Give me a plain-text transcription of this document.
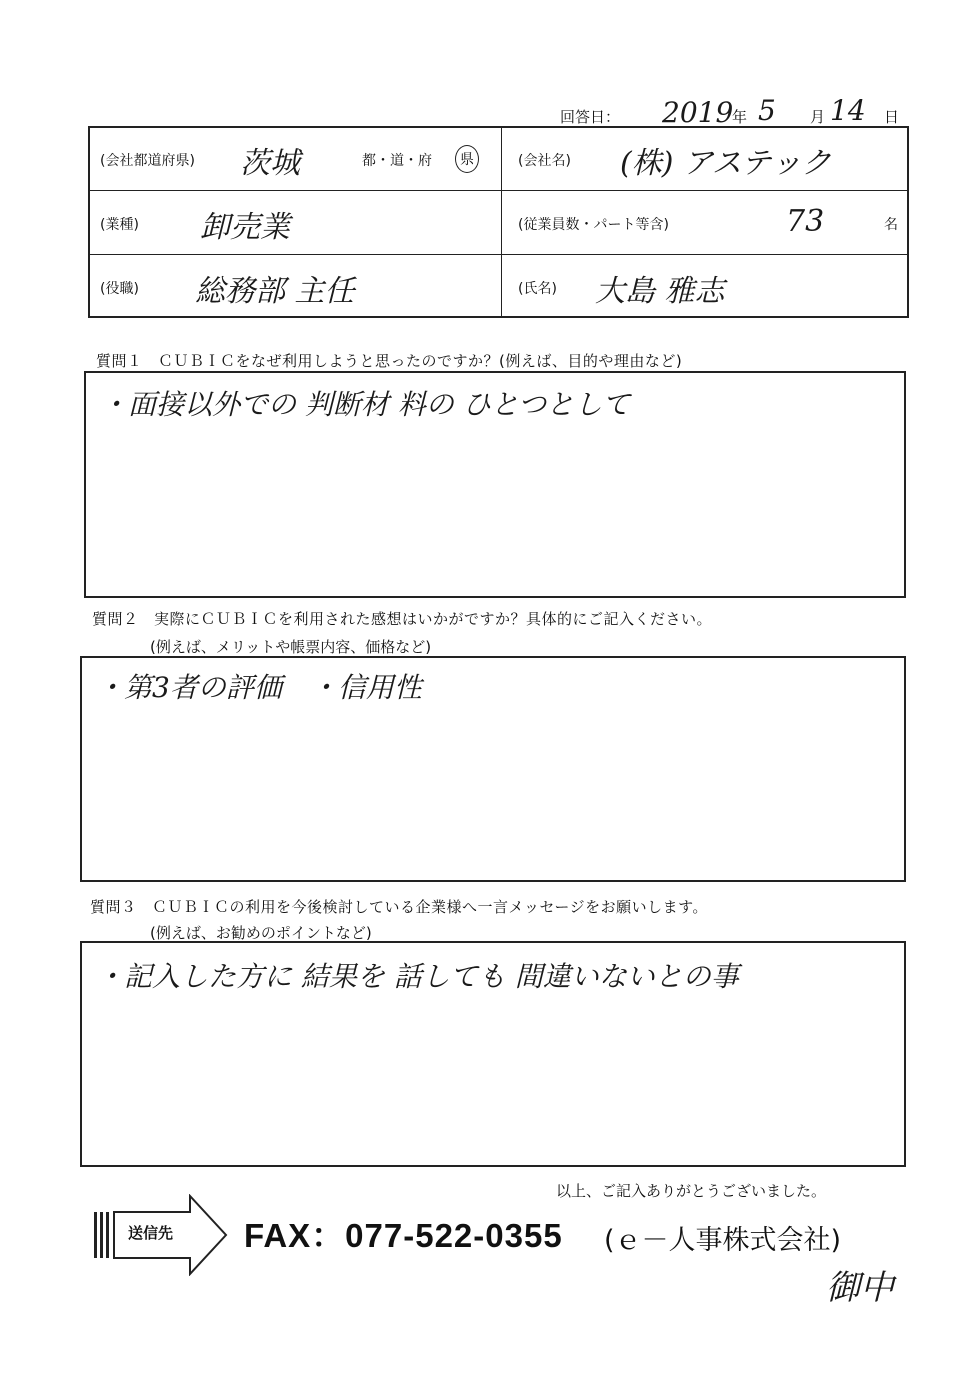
回答日： 2019
年 5 月 14 日
(会社都道府県) 茨城	都・道・府	県	(会社名) (株) アステック
(業種) 卸売業	(従業員数・パート等含)	73	名
(役職) 総務部 主任	(氏名) 大島 雅志
質問１　ＣＵＢＩＣをなぜ利用しようと思ったのですか？(例えば、目的や理由など)
・面接以外での 判断材 料の ひとつとして
質問２　実際にＣＵＢＩＣを利用された感想はいかがですか？具体的にご記入ください。
(例えば、メリットや帳票内容、価格など)
・第3者の評価　・信用性
質問３　ＣＵＢＩＣの利用を今後検討している企業様へ一言メッセージをお願いします。
(例えば、お勧めのポイントなど)
・記入した方に 結果を 話しても 間違いないとの事
以上、ご記入ありがとうございました。
送信先 FAX：077-522-0355 (ｅ－人事株式会社)
御中
